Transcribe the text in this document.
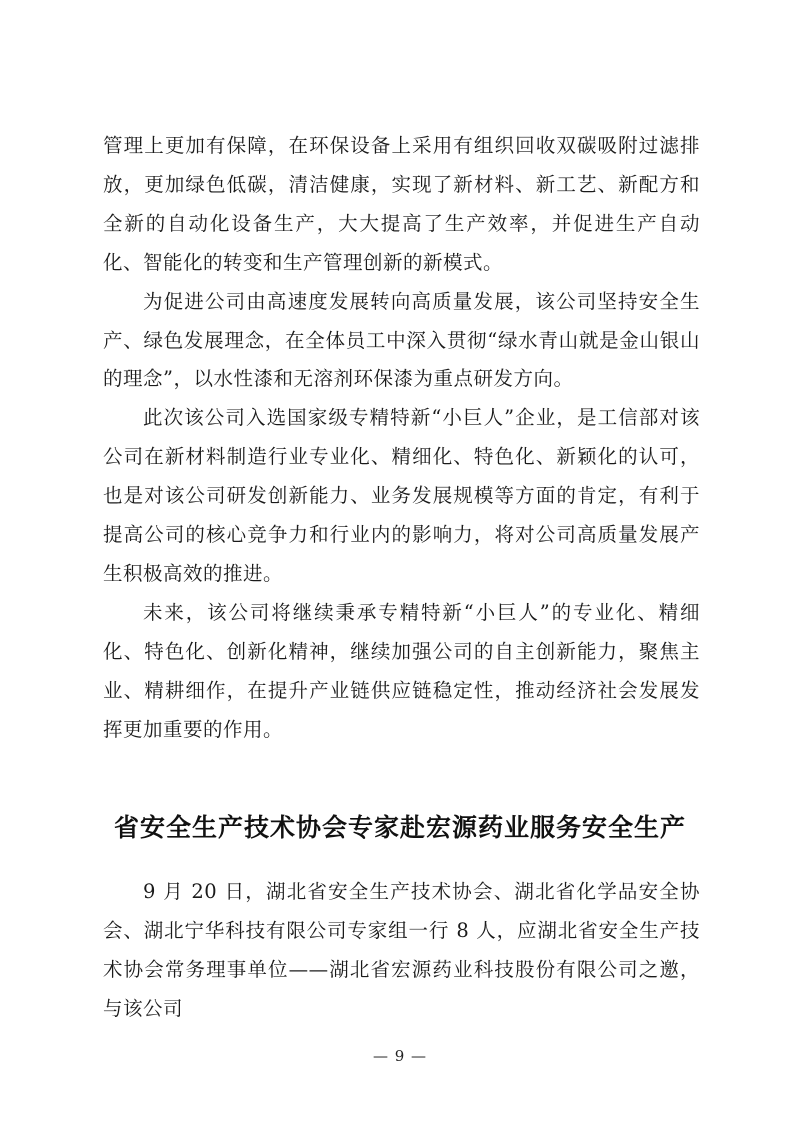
管理上更加有保障，在环保设备上采用有组织回收双碳吸附过滤排放，更加绿色低碳，清洁健康，实现了新材料、新工艺、新配方和全新的自动化设备生产，大大提高了生产效率，并促进生产自动化、智能化的转变和生产管理创新的新模式。

为促进公司由高速度发展转向高质量发展，该公司坚持安全生产、绿色发展理念，在全体员工中深入贯彻“绿水青山就是金山银山的理念”，以水性漆和无溶剂环保漆为重点研发方向。

此次该公司入选国家级专精特新“小巨人”企业，是工信部对该公司在新材料制造行业专业化、精细化、特色化、新颖化的认可，也是对该公司研发创新能力、业务发展规模等方面的肯定，有利于提高公司的核心竞争力和行业内的影响力，将对公司高质量发展产生积极高效的推进。

未来，该公司将继续秉承专精特新“小巨人”的专业化、精细化、特色化、创新化精神，继续加强公司的自主创新能力，聚焦主业、精耕细作，在提升产业链供应链稳定性，推动经济社会发展发挥更加重要的作用。

省安全生产技术协会专家赴宏源药业服务安全生产

9 月 20 日，湖北省安全生产技术协会、湖北省化学品安全协会、湖北宁华科技有限公司专家组一行 8 人，应湖北省安全生产技术协会常务理事单位——湖北省宏源药业科技股份有限公司之邀，与该公司

— 9 —
